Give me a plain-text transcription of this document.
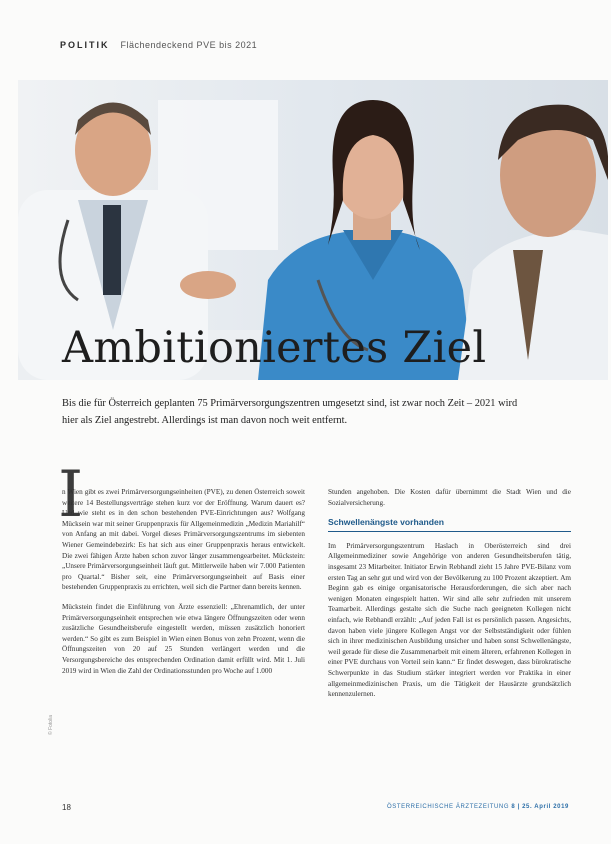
POLITIK Flächendeckend PVE bis 2021
Ambitioniertes Ziel
Bis die für Österreich geplanten 75 Primärversorgungszentren umgesetzt sind, ist zwar noch Zeit – 2021 wird hier als Ziel angestrebt. Allerdings ist man davon noch weit entfernt.
I

n Wien gibt es zwei Primärversorgungseinheiten (PVE), zu denen Österreich soweit weitere 14 Bestellungsverträge stehen kurz vor der Eröffnung. Warum dauert es? Und wie steht es in den schon bestehenden PVE-Einrichtungen aus? Wolfgang Mücksein war mit seiner Gruppenpraxis für Allgemeinmedizin „Medizin Mariahilf“ von Anfang an mit dabei. Vorgel dieses Primärversorgungszentrums im siebenten Wiener Gemeindebezirk: Es hat sich aus einer Gruppenpraxis heraus entwickelt. Die zwei fähigen Ärzte haben schon zuvor länger zusammengearbeitet. Mückstein: „Unsere Primärversorgungseinheit läuft gut. Mittlerweile haben wir 7.000 Patienten pro Quartal.“ Bisher seit, eine Primärversorgungseinheit auf Basis einer bestehenden Gruppenpraxis zu errichten, weil sich die Partner dann bereits kennen.

Mückstein findet die Einführung von Ärzte essenziell: „Ehrenamtlich, der unter Primärversorgungseinheit entsprechen wie etwa längere Öffnungszeiten oder wenn zusätzliche Gesundheitsberufe eingestellt werden, müssen zusätzlich honoriert werden.“ So gibt es zum Beispiel in Wien einen Bonus von zehn Prozent, wenn die Öffnungszeiten von 20 auf 25 Stunden verlängert werden und die Versorgungsbereiche des entsprechenden Ordination damit erfüllt wird. Mit 1. Juli 2019 wird in Wien die Zahl der Ordinationsstunden pro Woche auf 1.000

Stunden angehoben. Die Kosten dafür übernimmt die Stadt Wien und die Sozialversicherung.

Schwellenängste vorhanden

Im Primärversorgungszentrum Haslach in Oberösterreich sind drei Allgemeinmediziner sowie Angehörige von anderen Gesundheitsberufen tätig, insgesamt 23 Mitarbeiter. Initiator Erwin Rebhandl zieht 15 Jahre PVE-Bilanz vom ersten Tag an sehr gut und wird von der Bevölkerung zu 100 Prozent akzeptiert. Am Beginn gab es einige organisatorische Herausforderungen, die sich aber nach wenigen Monaten eingespielt hatten. Wir sind alle sehr zufrieden mit unserem Teamarbeit. Allerdings gestalte sich die Suche nach geeigneten Kollegen nicht einfach, wie Rebhandl erzählt: „Auf jeden Fall ist es persönlich passen. Angesichts, davon haben viele jüngere Kollegen Angst vor der Selbstständigkeit oder fühlen sich in ihrer medizinischen Ausbildung unsicher und haben sonst Schwellenängste, weil gerade für diese die Zusammenarbeit mit einem älteren, erfahrenen Kollegen in einer PVE durchaus von Vorteil sein kann.“ Er findet deswegen, dass bürokratische Schwerpunkte in das Studium stärker integriert werden vor Praktika in einer allgemeinmedizinischen Praxis, um die Tätigkeit der Hausärzte grundsätzlich kennenzulernen.

© Fotolia
18	ÖSTERREICHISCHE ÄRZTEZEITUNG 8 | 25. April 2019
